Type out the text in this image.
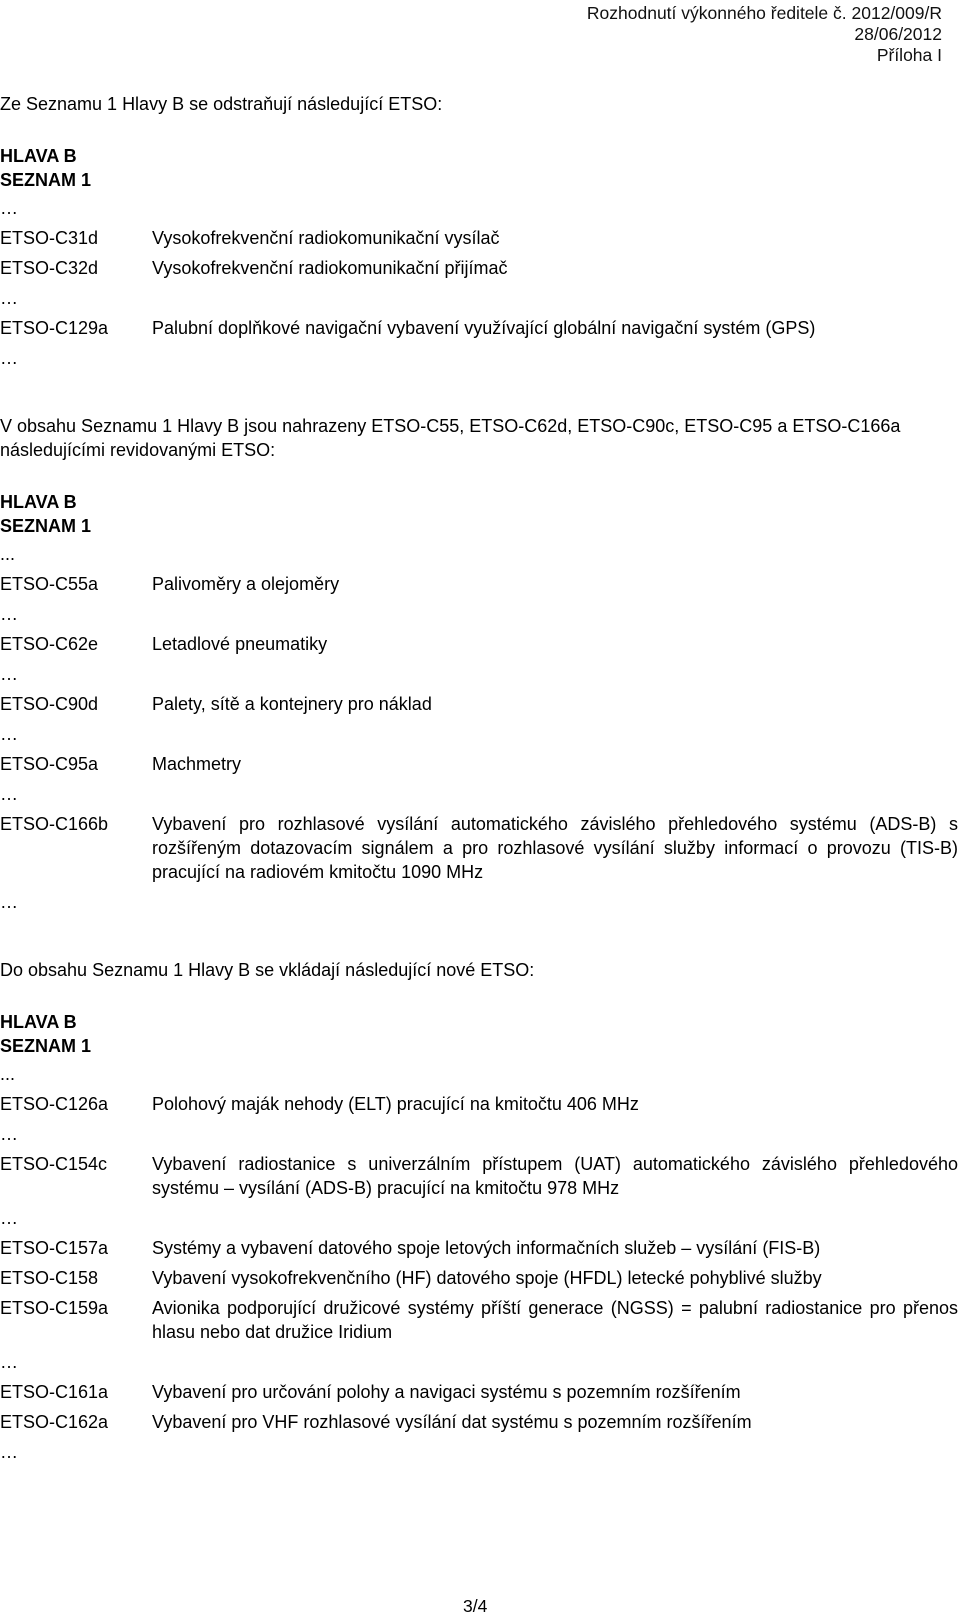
Rozhodnutí výkonného ředitele č. 2012/009/R
28/06/2012
Příloha I

Ze Seznamu 1 Hlavy B se odstraňují následující ETSO:

HLAVA B
SEZNAM 1
…
ETSO-C31d	Vysokofrekvenční radiokomunikační vysílač
ETSO-C32d	Vysokofrekvenční radiokomunikační přijímač
…
ETSO-C129a	Palubní doplňkové navigační vybavení využívající globální navigační systém (GPS)
…

V obsahu Seznamu 1 Hlavy B jsou nahrazeny ETSO-C55, ETSO-C62d, ETSO-C90c, ETSO-C95 a ETSO-C166a následujícími revidovanými ETSO:

HLAVA B
SEZNAM 1
...
ETSO-C55a	Palivoměry a olejoměry
…
ETSO-C62e	Letadlové pneumatiky
…
ETSO-C90d	Palety, sítě a kontejnery pro náklad
…
ETSO-C95a	Machmetry
…
ETSO-C166b	Vybavení pro rozhlasové vysílání automatického závislého přehledového systému (ADS-B) s rozšířeným dotazovacím signálem a pro rozhlasové vysílání služby informací o provozu (TIS-B) pracující na radiovém kmitočtu 1090 MHz
…

Do obsahu Seznamu 1 Hlavy B se vkládají následující nové ETSO:

HLAVA B
SEZNAM 1
...
ETSO-C126a	Polohový maják nehody (ELT) pracující na kmitočtu 406 MHz
…
ETSO-C154c	Vybavení radiostanice s univerzálním přístupem (UAT) automatického závislého přehledového systému – vysílání (ADS-B) pracující na kmitočtu 978 MHz
…
ETSO-C157a	Systémy a vybavení datového spoje letových informačních služeb – vysílání (FIS-B)
ETSO-C158	Vybavení vysokofrekvenčního (HF) datového spoje (HFDL) letecké pohyblivé služby
ETSO-C159a	Avionika podporující družicové systémy příští generace (NGSS) = palubní radiostanice pro přenos hlasu nebo dat družice Iridium
…
ETSO-C161a	Vybavení pro určování polohy a navigaci systému s pozemním rozšířením
ETSO-C162a	Vybavení pro VHF rozhlasové vysílání dat systému s pozemním rozšířením
…
3/4
